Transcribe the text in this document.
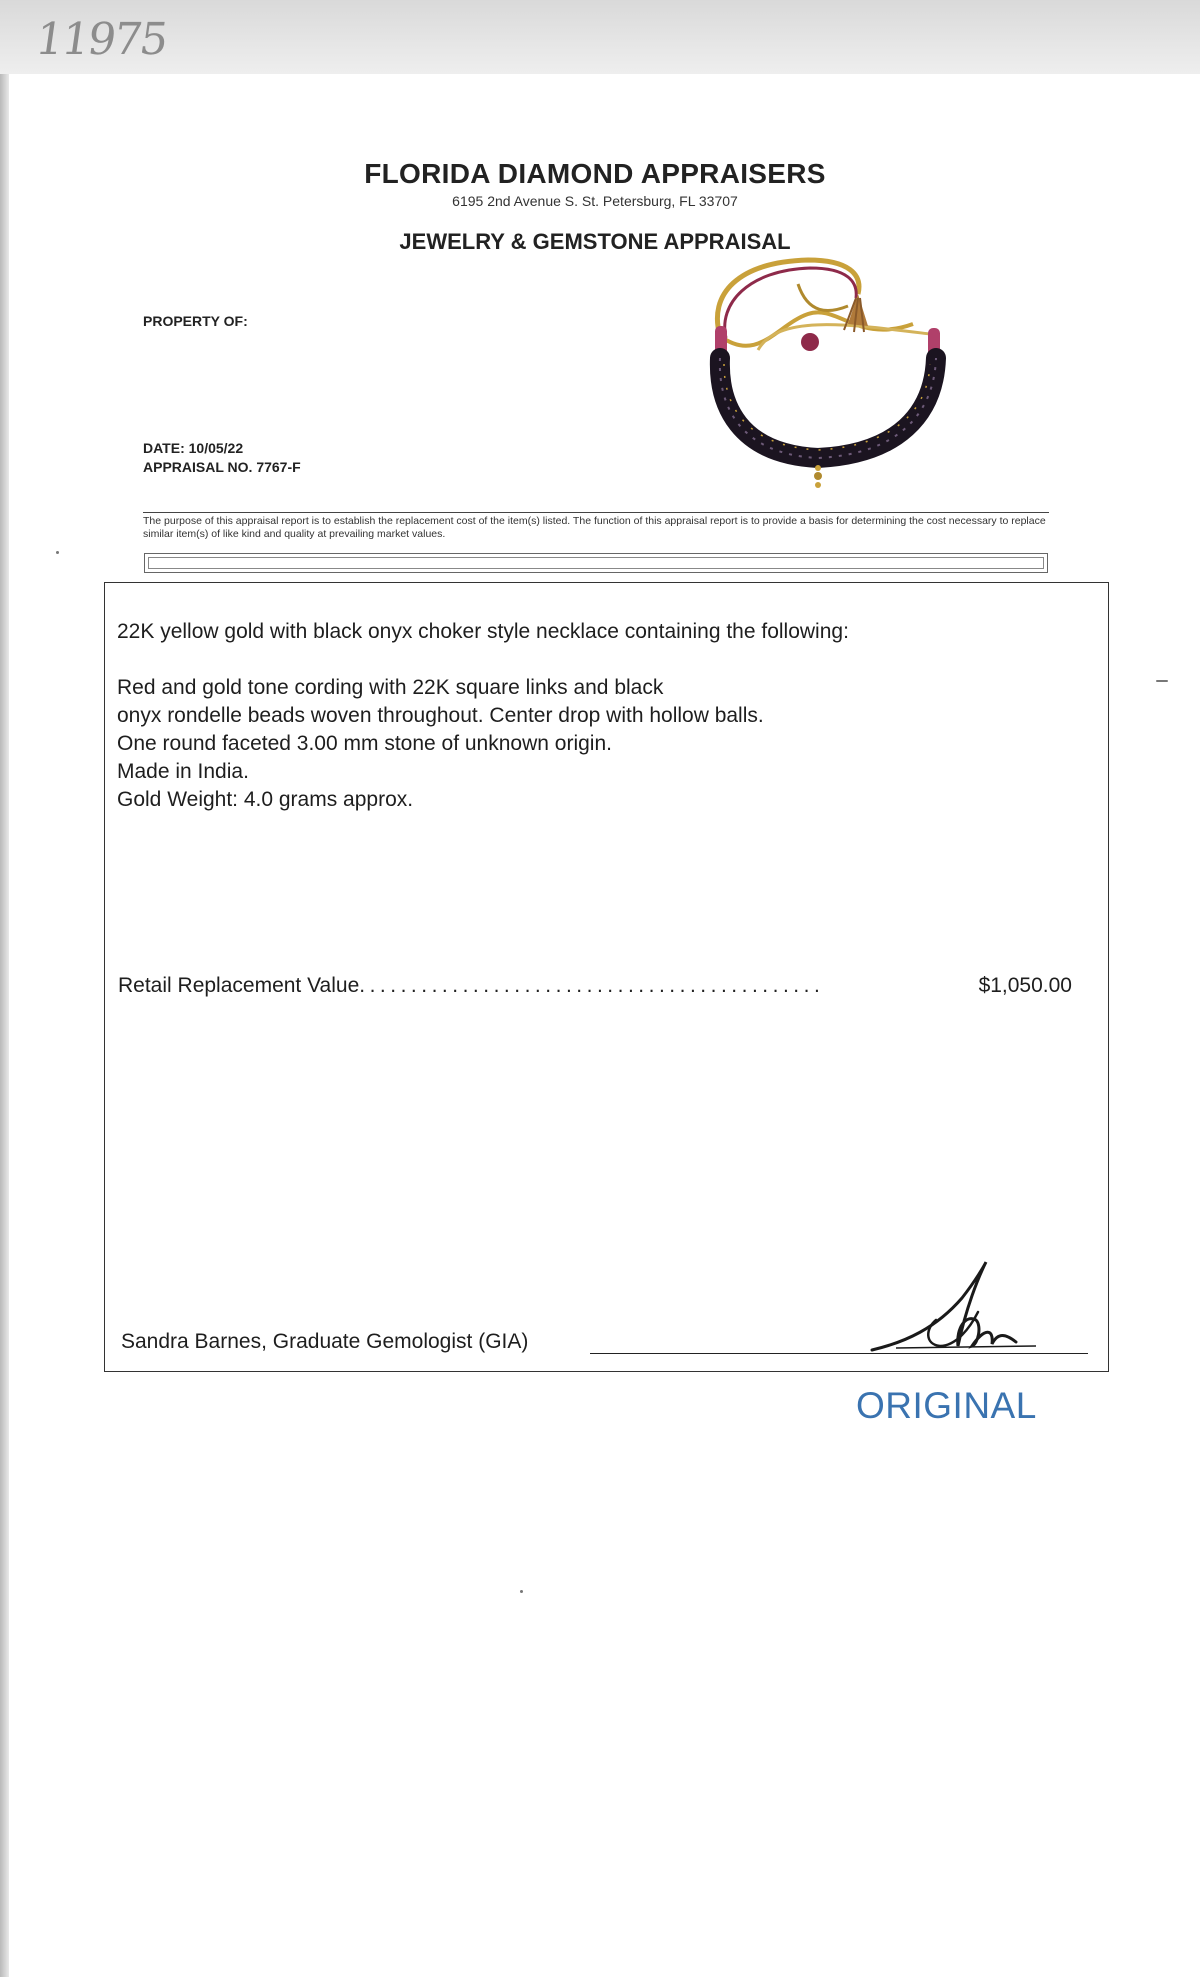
11975
FLORIDA DIAMOND APPRAISERS
6195 2nd Avenue S. St. Petersburg, FL 33707
JEWELRY & GEMSTONE APPRAISAL
PROPERTY OF:
DATE: 10/05/22
APPRAISAL NO. 7767-F
The purpose of this appraisal report is to establish the replacement cost of the item(s) listed. The function of this appraisal report is to provide a basis for determining the cost necessary to replace similar item(s) of like kind and quality at prevailing market values.
22K yellow gold with black onyx choker style necklace containing the following:
Red and gold tone cording with 22K square links and black
onyx rondelle beads woven throughout. Center drop with hollow balls.
One round faceted 3.00 mm stone of unknown origin.
Made in India.
Gold Weight: 4.0 grams approx.
Retail Replacement Value .............................................	$1,050.00
Sandra Barnes, Graduate Gemologist (GIA)
ORIGINAL
